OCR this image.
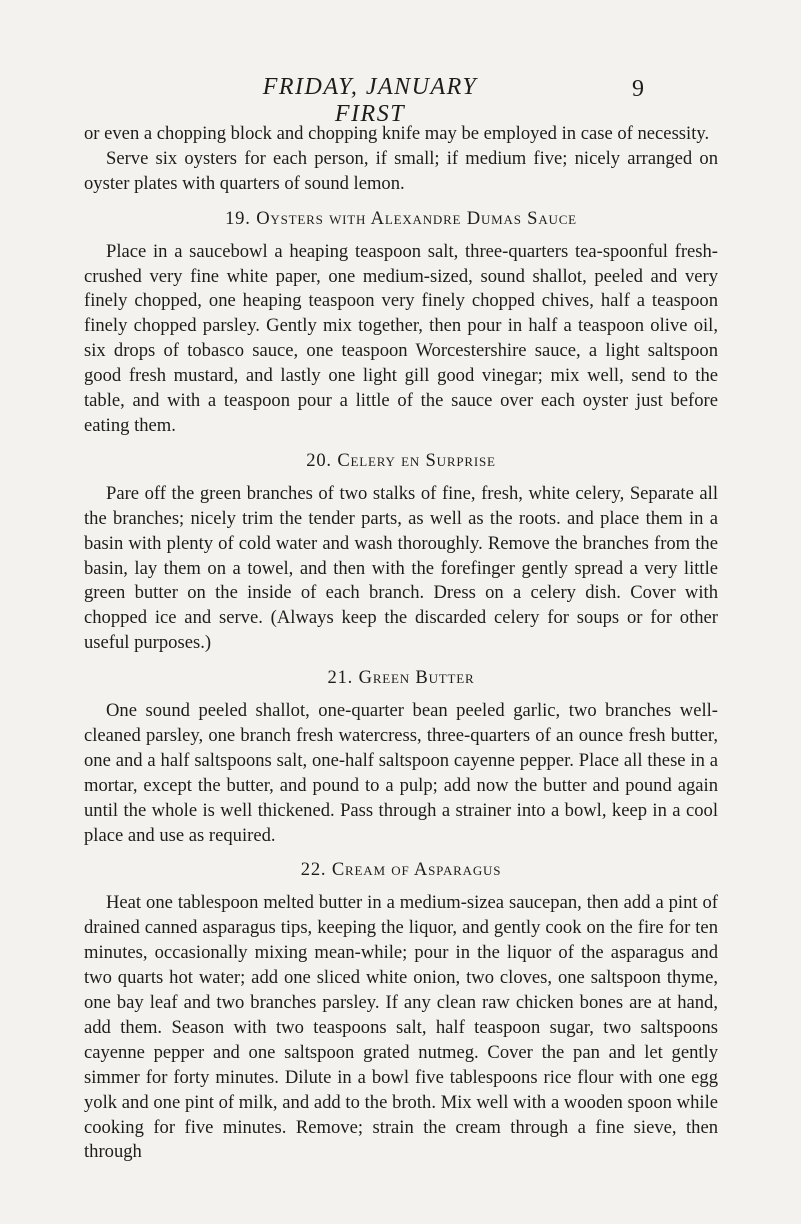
FRIDAY, JANUARY FIRST
9

or even a chopping block and chopping knife may be employed in case of necessity.

Serve six oysters for each person, if small; if medium five; nicely arranged on oyster plates with quarters of sound lemon.

19. Oysters with Alexandre Dumas Sauce

Place in a saucebowl a heaping teaspoon salt, three-quarters tea-spoonful fresh-crushed very fine white paper, one medium-sized, sound shallot, peeled and very finely chopped, one heaping teaspoon very finely chopped chives, half a teaspoon finely chopped parsley. Gently mix together, then pour in half a teaspoon olive oil, six drops of tobasco sauce, one teaspoon Worcestershire sauce, a light saltspoon good fresh mustard, and lastly one light gill good vinegar; mix well, send to the table, and with a teaspoon pour a little of the sauce over each oyster just before eating them.

20. Celery en Surprise

Pare off the green branches of two stalks of fine, fresh, white celery, Separate all the branches; nicely trim the tender parts, as well as the roots. and place them in a basin with plenty of cold water and wash thoroughly. Remove the branches from the basin, lay them on a towel, and then with the forefinger gently spread a very little green butter on the inside of each branch. Dress on a celery dish. Cover with chopped ice and serve. (Always keep the discarded celery for soups or for other useful purposes.)

21. Green Butter

One sound peeled shallot, one-quarter bean peeled garlic, two branches well-cleaned parsley, one branch fresh watercress, three-quarters of an ounce fresh butter, one and a half saltspoons salt, one-half saltspoon cayenne pepper. Place all these in a mortar, except the butter, and pound to a pulp; add now the butter and pound again until the whole is well thickened. Pass through a strainer into a bowl, keep in a cool place and use as required.

22. Cream of Asparagus

Heat one tablespoon melted butter in a medium-sizea saucepan, then add a pint of drained canned asparagus tips, keeping the liquor, and gently cook on the fire for ten minutes, occasionally mixing mean-while; pour in the liquor of the asparagus and two quarts hot water; add one sliced white onion, two cloves, one saltspoon thyme, one bay leaf and two branches parsley. If any clean raw chicken bones are at hand, add them. Season with two teaspoons salt, half teaspoon sugar, two saltspoons cayenne pepper and one saltspoon grated nutmeg. Cover the pan and let gently simmer for forty minutes. Dilute in a bowl five tablespoons rice flour with one egg yolk and one pint of milk, and add to the broth. Mix well with a wooden spoon while cooking for five minutes. Remove; strain the cream through a fine sieve, then through
